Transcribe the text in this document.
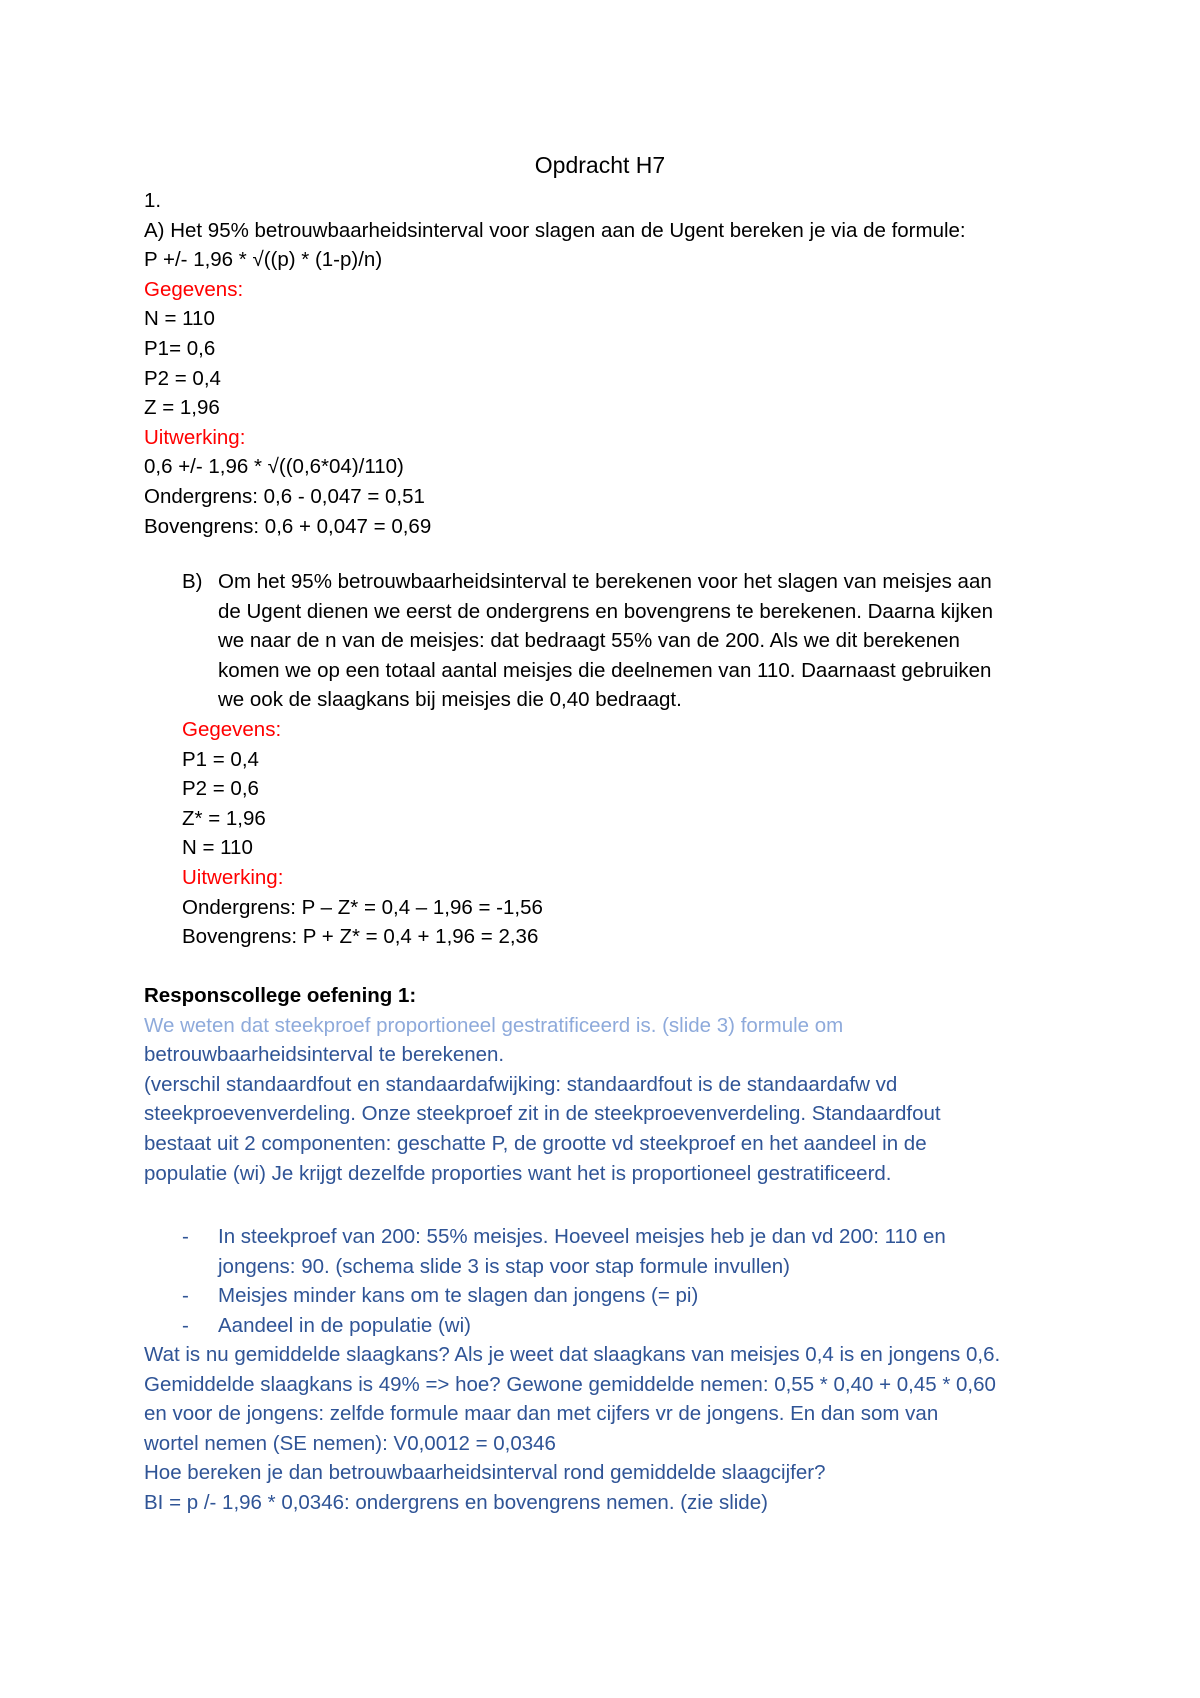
Opdracht H7
1.
A) Het 95% betrouwbaarheidsinterval voor slagen aan de Ugent bereken je via de formule:
P +/- 1,96 * √((p) * (1-p)/n)
Gegevens:
N = 110
P1= 0,6
P2 = 0,4
Z = 1,96
Uitwerking:
0,6 +/- 1,96 * √((0,6*04)/110)
Ondergrens: 0,6 - 0,047 = 0,51
Bovengrens: 0,6 + 0,047 = 0,69
B) Om het 95% betrouwbaarheidsinterval te berekenen voor het slagen van meisjes aan
de Ugent dienen we eerst de ondergrens en bovengrens te berekenen. Daarna kijken
we naar de n van de meisjes: dat bedraagt 55% van de 200. Als we dit berekenen
komen we op een totaal aantal meisjes die deelnemen van 110. Daarnaast gebruiken
we ook de slaagkans bij meisjes die 0,40 bedraagt.
Gegevens:
P1 = 0,4
P2 = 0,6
Z* = 1,96
N = 110
Uitwerking:
Ondergrens: P – Z* = 0,4 – 1,96 = -1,56
Bovengrens: P + Z* = 0,4 + 1,96 = 2,36
Responscollege oefening 1:
We weten dat steekproef proportioneel gestratificeerd is. (slide 3) formule om
betrouwbaarheidsinterval te berekenen.
(verschil standaardfout en standaardafwijking: standaardfout is de standaardafw vd
steekproevenverdeling. Onze steekproef zit in de steekproevenverdeling. Standaardfout
bestaat uit 2 componenten: geschatte P, de grootte vd steekproef en het aandeel in de
populatie (wi) Je krijgt dezelfde proporties want het is proportioneel gestratificeerd.
- In steekproef van 200: 55% meisjes. Hoeveel meisjes heb je dan vd 200: 110 en
jongens: 90. (schema slide 3 is stap voor stap formule invullen)
- Meisjes minder kans om te slagen dan jongens (= pi)
- Aandeel in de populatie (wi)
Wat is nu gemiddelde slaagkans? Als je weet dat slaagkans van meisjes 0,4 is en jongens 0,6.
Gemiddelde slaagkans is 49% => hoe? Gewone gemiddelde nemen: 0,55 * 0,40 + 0,45 * 0,60
en voor de jongens: zelfde formule maar dan met cijfers vr de jongens. En dan som van
wortel nemen (SE nemen): V0,0012 = 0,0346
Hoe bereken je dan betrouwbaarheidsinterval rond gemiddelde slaagcijfer?
BI = p /- 1,96 * 0,0346: ondergrens en bovengrens nemen. (zie slide)
